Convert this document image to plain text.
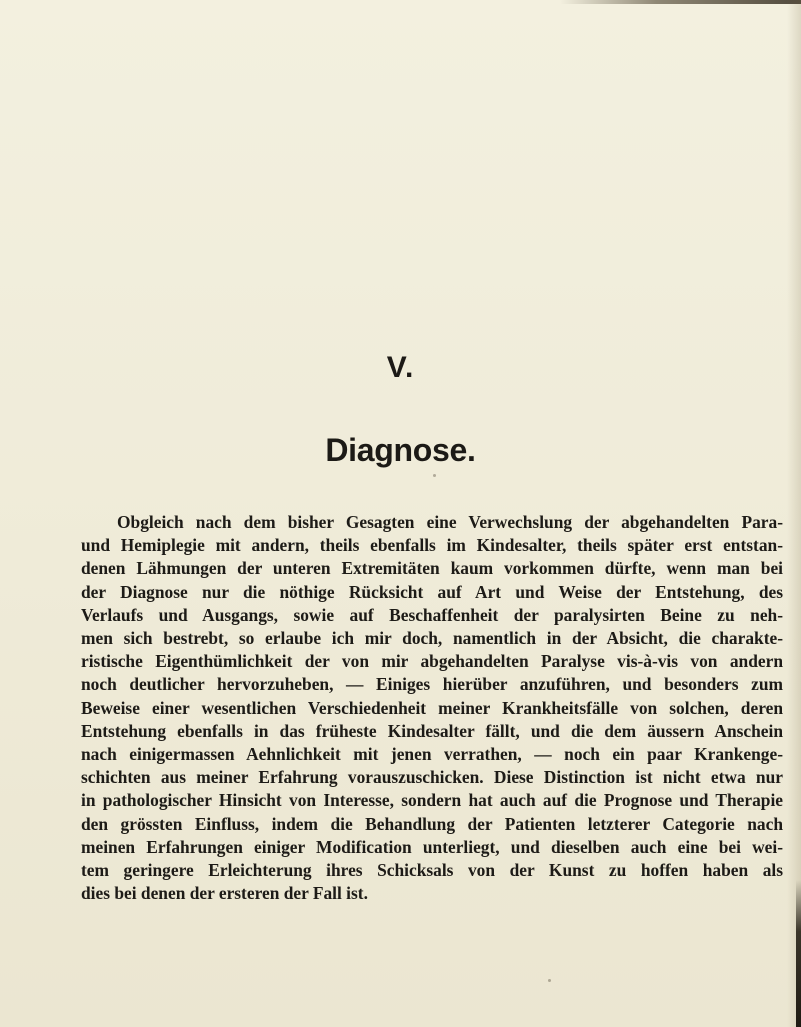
V.
Diagnose.
Obgleich nach dem bisher Gesagten eine Verwechslung der abgehandelten Para-
und Hemiplegie mit andern, theils ebenfalls im Kindesalter, theils später erst entstan-
denen Lähmungen der unteren Extremitäten kaum vorkommen dürfte, wenn man bei
der Diagnose nur die nöthige Rücksicht auf Art und Weise der Entstehung, des
Verlaufs und Ausgangs, sowie auf Beschaffenheit der paralysirten Beine zu neh-
men sich bestrebt, so erlaube ich mir doch, namentlich in der Absicht, die charakte-
ristische Eigenthümlichkeit der von mir abgehandelten Paralyse vis-à-vis von andern
noch deutlicher hervorzuheben, — Einiges hierüber anzuführen, und besonders zum
Beweise einer wesentlichen Verschiedenheit meiner Krankheitsfälle von solchen, deren
Entstehung ebenfalls in das früheste Kindesalter fällt, und die dem äussern Anschein
nach einigermassen Aehnlichkeit mit jenen verrathen, — noch ein paar Krankenge-
schichten aus meiner Erfahrung vorauszuschicken. Diese Distinction ist nicht etwa nur
in pathologischer Hinsicht von Interesse, sondern hat auch auf die Prognose und Therapie
den grössten Einfluss, indem die Behandlung der Patienten letzterer Categorie nach
meinen Erfahrungen einiger Modification unterliegt, und dieselben auch eine bei wei-
tem geringere Erleichterung ihres Schicksals von der Kunst zu hoffen haben als
dies bei denen der ersteren der Fall ist.
